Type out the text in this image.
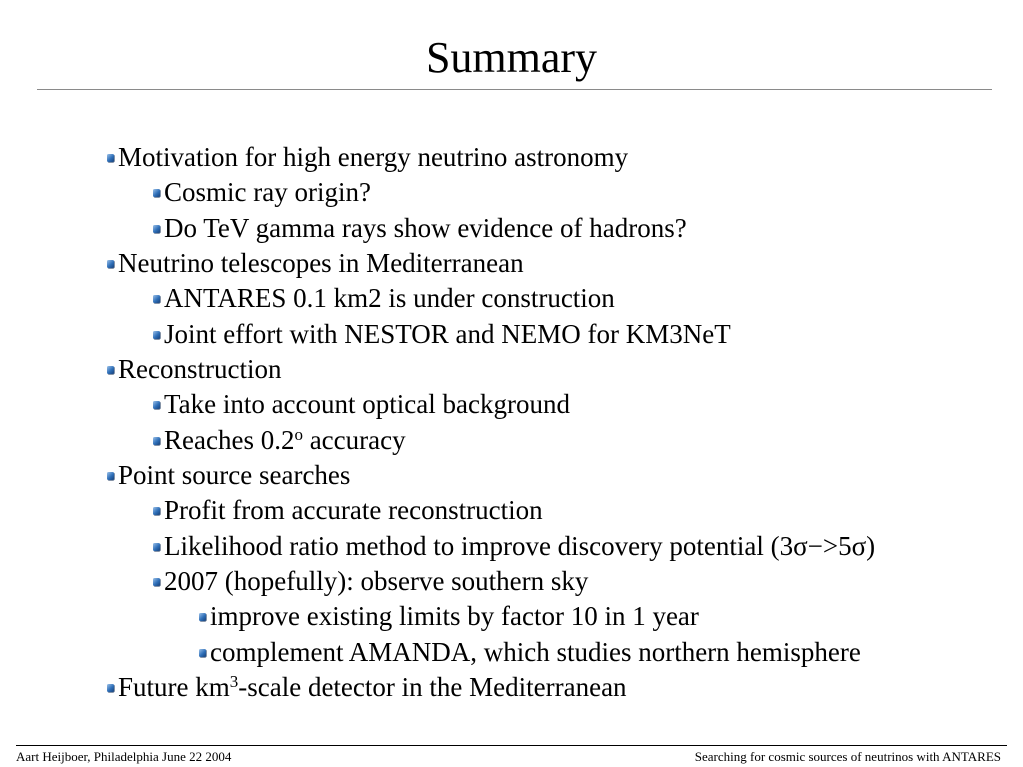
Summary
Motivation for high energy neutrino astronomy
Cosmic ray origin?
Do TeV gamma rays show evidence of hadrons?
Neutrino telescopes in Mediterranean
ANTARES 0.1 km2 is under construction
Joint effort with NESTOR and NEMO for KM3NeT
Reconstruction
Take into account optical background
Reaches 0.2$^o$ accuracy
Point source searches
Profit from accurate reconstruction
Likelihood ratio method to improve discovery potential (3σ−>5σ)
2007 (hopefully): observe southern sky
improve existing limits by factor 10 in 1 year
complement AMANDA, which studies northern hemisphere
Future $km^3$-scale detector in the Mediterranean
Aart Heijboer, Philadelphia June 22 2004	Searching for cosmic sources of neutrinos with ANTARES
